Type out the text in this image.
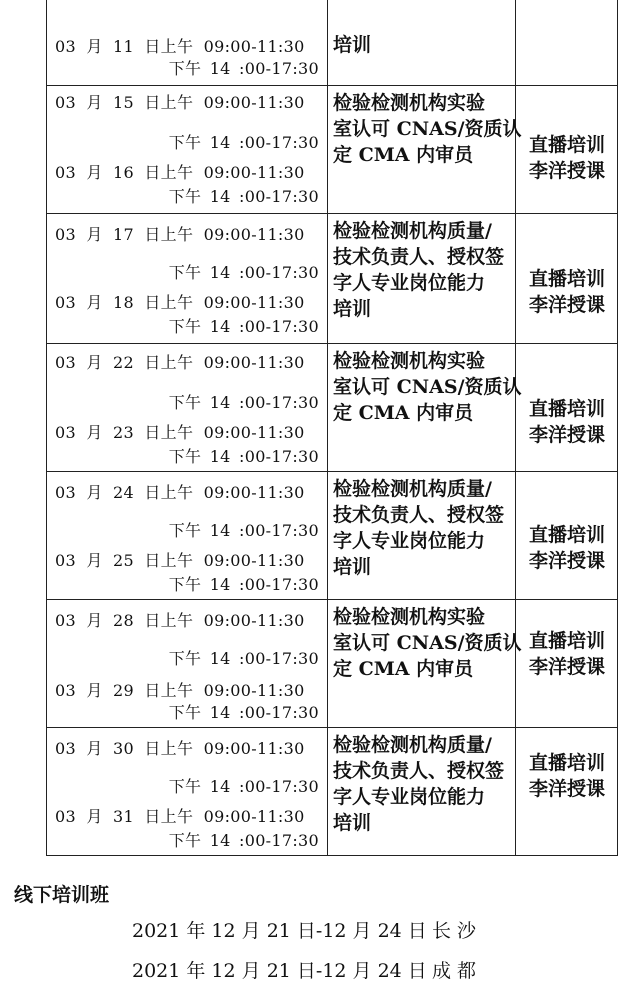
03 月 11 日上午 09:00-11:30
下午 14 :00-17:30
培训
03 月 15 日上午 09:00-11:30
下午 14 :00-17:30
03 月 16 日上午 09:00-11:30
下午 14 :00-17:30
检验检测机构实验
室认可 CNAS/资质认
定 CMA 内审员	直播培训
李洋授课
03 月 17 日上午 09:00-11:30
下午 14 :00-17:30
03 月 18 日上午 09:00-11:30
下午 14 :00-17:30
检验检测机构质量/
技术负责人、授权签
字人专业岗位能力
培训
直播培训
李洋授课
03 月 22 日上午 09:00-11:30
下午 14 :00-17:30
03 月 23 日上午 09:00-11:30
下午 14 :00-17:30
检验检测机构实验
室认可 CNAS/资质认
定 CMA 内审员	直播培训
李洋授课
03 月 24 日上午 09:00-11:30
下午 14 :00-17:30
03 月 25 日上午 09:00-11:30
下午 14 :00-17:30
检验检测机构质量/
技术负责人、授权签
字人专业岗位能力
培训
直播培训
李洋授课
03 月 28 日上午 09:00-11:30
下午 14 :00-17:30
03 月 29 日上午 09:00-11:30
下午 14 :00-17:30
检验检测机构实验
室认可 CNAS/资质认
定 CMA 内审员
直播培训
李洋授课
03 月 30 日上午 09:00-11:30
下午 14 :00-17:30
03 月 31 日上午 09:00-11:30
下午 14 :00-17:30
检验检测机构质量/
技术负责人、授权签
字人专业岗位能力
培训
直播培训
李洋授课
线下培训班
2021 年 12 月 21 日-12 月 24 日 长沙
2021 年 12 月 21 日-12 月 24 日 成都
